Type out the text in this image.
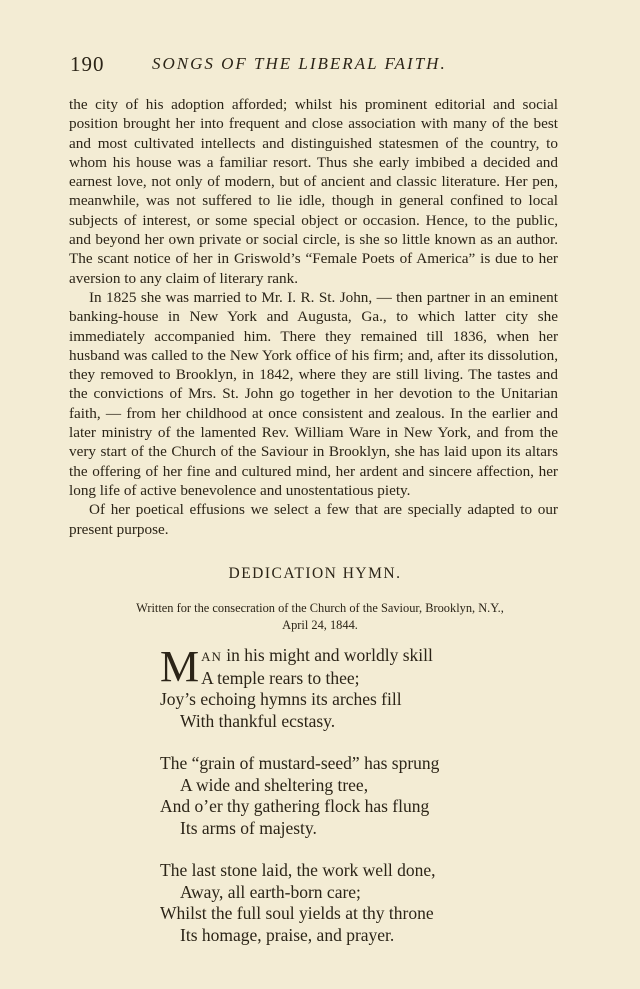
190	SONGS OF THE LIBERAL FAITH.

the city of his adoption afforded; whilst his prominent editorial and social position brought her into frequent and close association with many of the best and most cultivated intellects and distinguished statesmen of the country, to whom his house was a familiar resort. Thus she early imbibed a decided and earnest love, not only of modern, but of ancient and classic literature. Her pen, meanwhile, was not suffered to lie idle, though in general confined to local subjects of interest, or some special object or occasion. Hence, to the public, and beyond her own private or social circle, is she so little known as an author. The scant notice of her in Griswold’s “Female Poets of America” is due to her aversion to any claim of literary rank.

In 1825 she was married to Mr. I. R. St. John, — then partner in an eminent banking-house in New York and Augusta, Ga., to which latter city she immediately accompanied him. There they remained till 1836, when her husband was called to the New York office of his firm; and, after its dissolution, they removed to Brooklyn, in 1842, where they are still living. The tastes and the convictions of Mrs. St. John go together in her devotion to the Unitarian faith, — from her childhood at once consistent and zealous. In the earlier and later ministry of the lamented Rev. William Ware in New York, and from the very start of the Church of the Saviour in Brooklyn, she has laid upon its altars the offering of her fine and cultured mind, her ardent and sincere affection, her long life of active benevolence and unostentatious piety.

Of her poetical effusions we select a few that are specially adapted to our present purpose.

DEDICATION HYMN.
Written for the consecration of the Church of the Saviour, Brooklyn, N.Y.,
April 24, 1844.
MAN in his might and worldly skill
A temple rears to thee;
Joy’s echoing hymns its arches fill
With thankful ecstasy.
The “grain of mustard-seed” has sprung
A wide and sheltering tree,
And o’er thy gathering flock has flung
Its arms of majesty.
The last stone laid, the work well done,
Away, all earth-born care;
Whilst the full soul yields at thy throne
Its homage, praise, and prayer.
